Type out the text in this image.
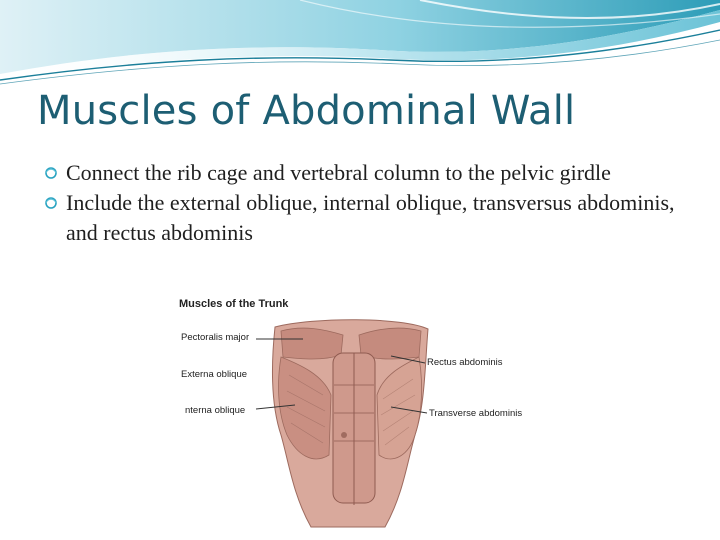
Muscles of Abdominal Wall
Connect the rib cage and vertebral column to the pelvic girdle
Include the external oblique, internal oblique, transversus abdominis, and rectus abdominis
Muscles of the Trunk
Pectoralis major
Externa oblique
nterna oblique
Rectus abdominis
Transverse abdominis
